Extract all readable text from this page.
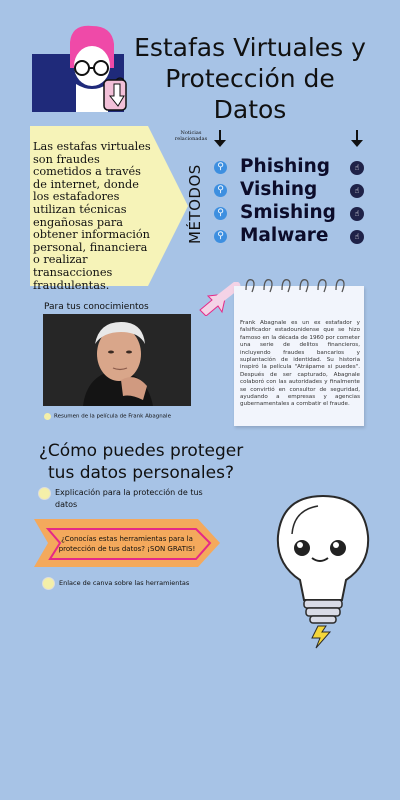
Estafas Virtuales y Protección de Datos
Las estafas virtuales son fraudes cometidos a través de internet, donde los estafadores utilizan técnicas engañosas para obtener información personal, financiera o realizar transacciones fraudulentas.
Noticias relacionadas
MÉTODOS	⚲ Phishing	☝
⚲ Vishing	☝
⚲ Smishing	☝
⚲ Malware	☝
Para tus conocimientos
Resumen de la película de Frank Abagnale
Frank Abagnale es un ex estafador y falsificador estadounidense que se hizo famoso en la década de 1960 por cometer una serie de delitos financieros, incluyendo fraudes bancarios y suplantación de identidad. Su historia inspiró la película "Atrápame si puedes". Después de ser capturado, Abagnale colaboró con las autoridades y finalmente se convirtió en consultor de seguridad, ayudando a empresas y agencias gubernamentales a combatir el fraude.
¿Cómo puedes proteger tus datos personales?
Explicación para la protección de tus datos
¿Conocías estas herramientas para la protección de tus datos? ¡SON GRATIS!
Enlace de canva sobre las herramientas
